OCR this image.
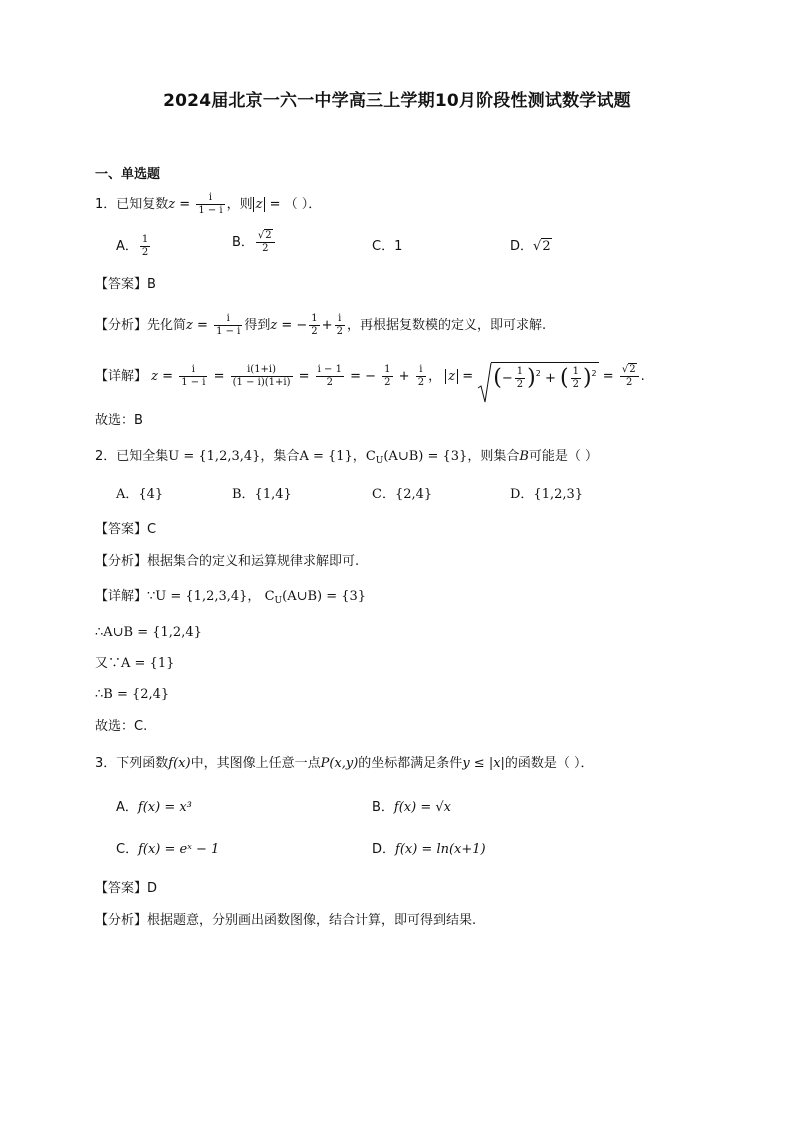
2024届北京一六一中学高三上学期10月阶段性测试数学试题
一、单选题
1．已知复数$z = \frac{i}{1 - i}$ ，则 z = （ ）．
A． $\frac{1}{2}$	B． $\frac{√2}{2}$	C．1	D．√2
【答案】B
【分析】先化简$z = \frac{i}{1 - i}$ 得到z = − $\frac{1}{2} + \frac{i}{2}$ ，再根据复数模的定义，即可求解.
【详解】 $z = \frac{i}{1 - i} = \frac{i(1+i)}{(1 - i)(1+i)} = \frac{i - 1}{2}$ = − $\frac{1}{2} + \frac{i}{2}$ ， z =
(− $\frac{1}{2} )^2$ + ( $\frac{1}{2} )^2 = \frac{√2}{2}$ .
故选：B
2．已知全集U = {1,2,3,4}，集合A = {1}，$C_U(A\cup B) = \{3\}$，则集合B可能是（ ）
A．{4}	B．{1,4}	C．{2,4}	D．{1,2,3}
【答案】C
【分析】根据集合的定义和运算规律求解即可.
【详解】∵U = {1,2,3,4}， $C_U(A\cup B) = \{3\}$
∴A∪B = {1,2,4}
又∵A = {1}
∴B = {2,4}
故选：C.
3．下列函数f(x)中，其图像上任意一点P(x,y)的坐标都满足条件y ≤ |x|的函数是（ ）．
A．f(x) = x³	B．f(x) = √x
C．f(x) = eˣ − 1	D．f(x) = ln(x+1)
【答案】D
【分析】根据题意，分别画出函数图像，结合计算，即可得到结果.
